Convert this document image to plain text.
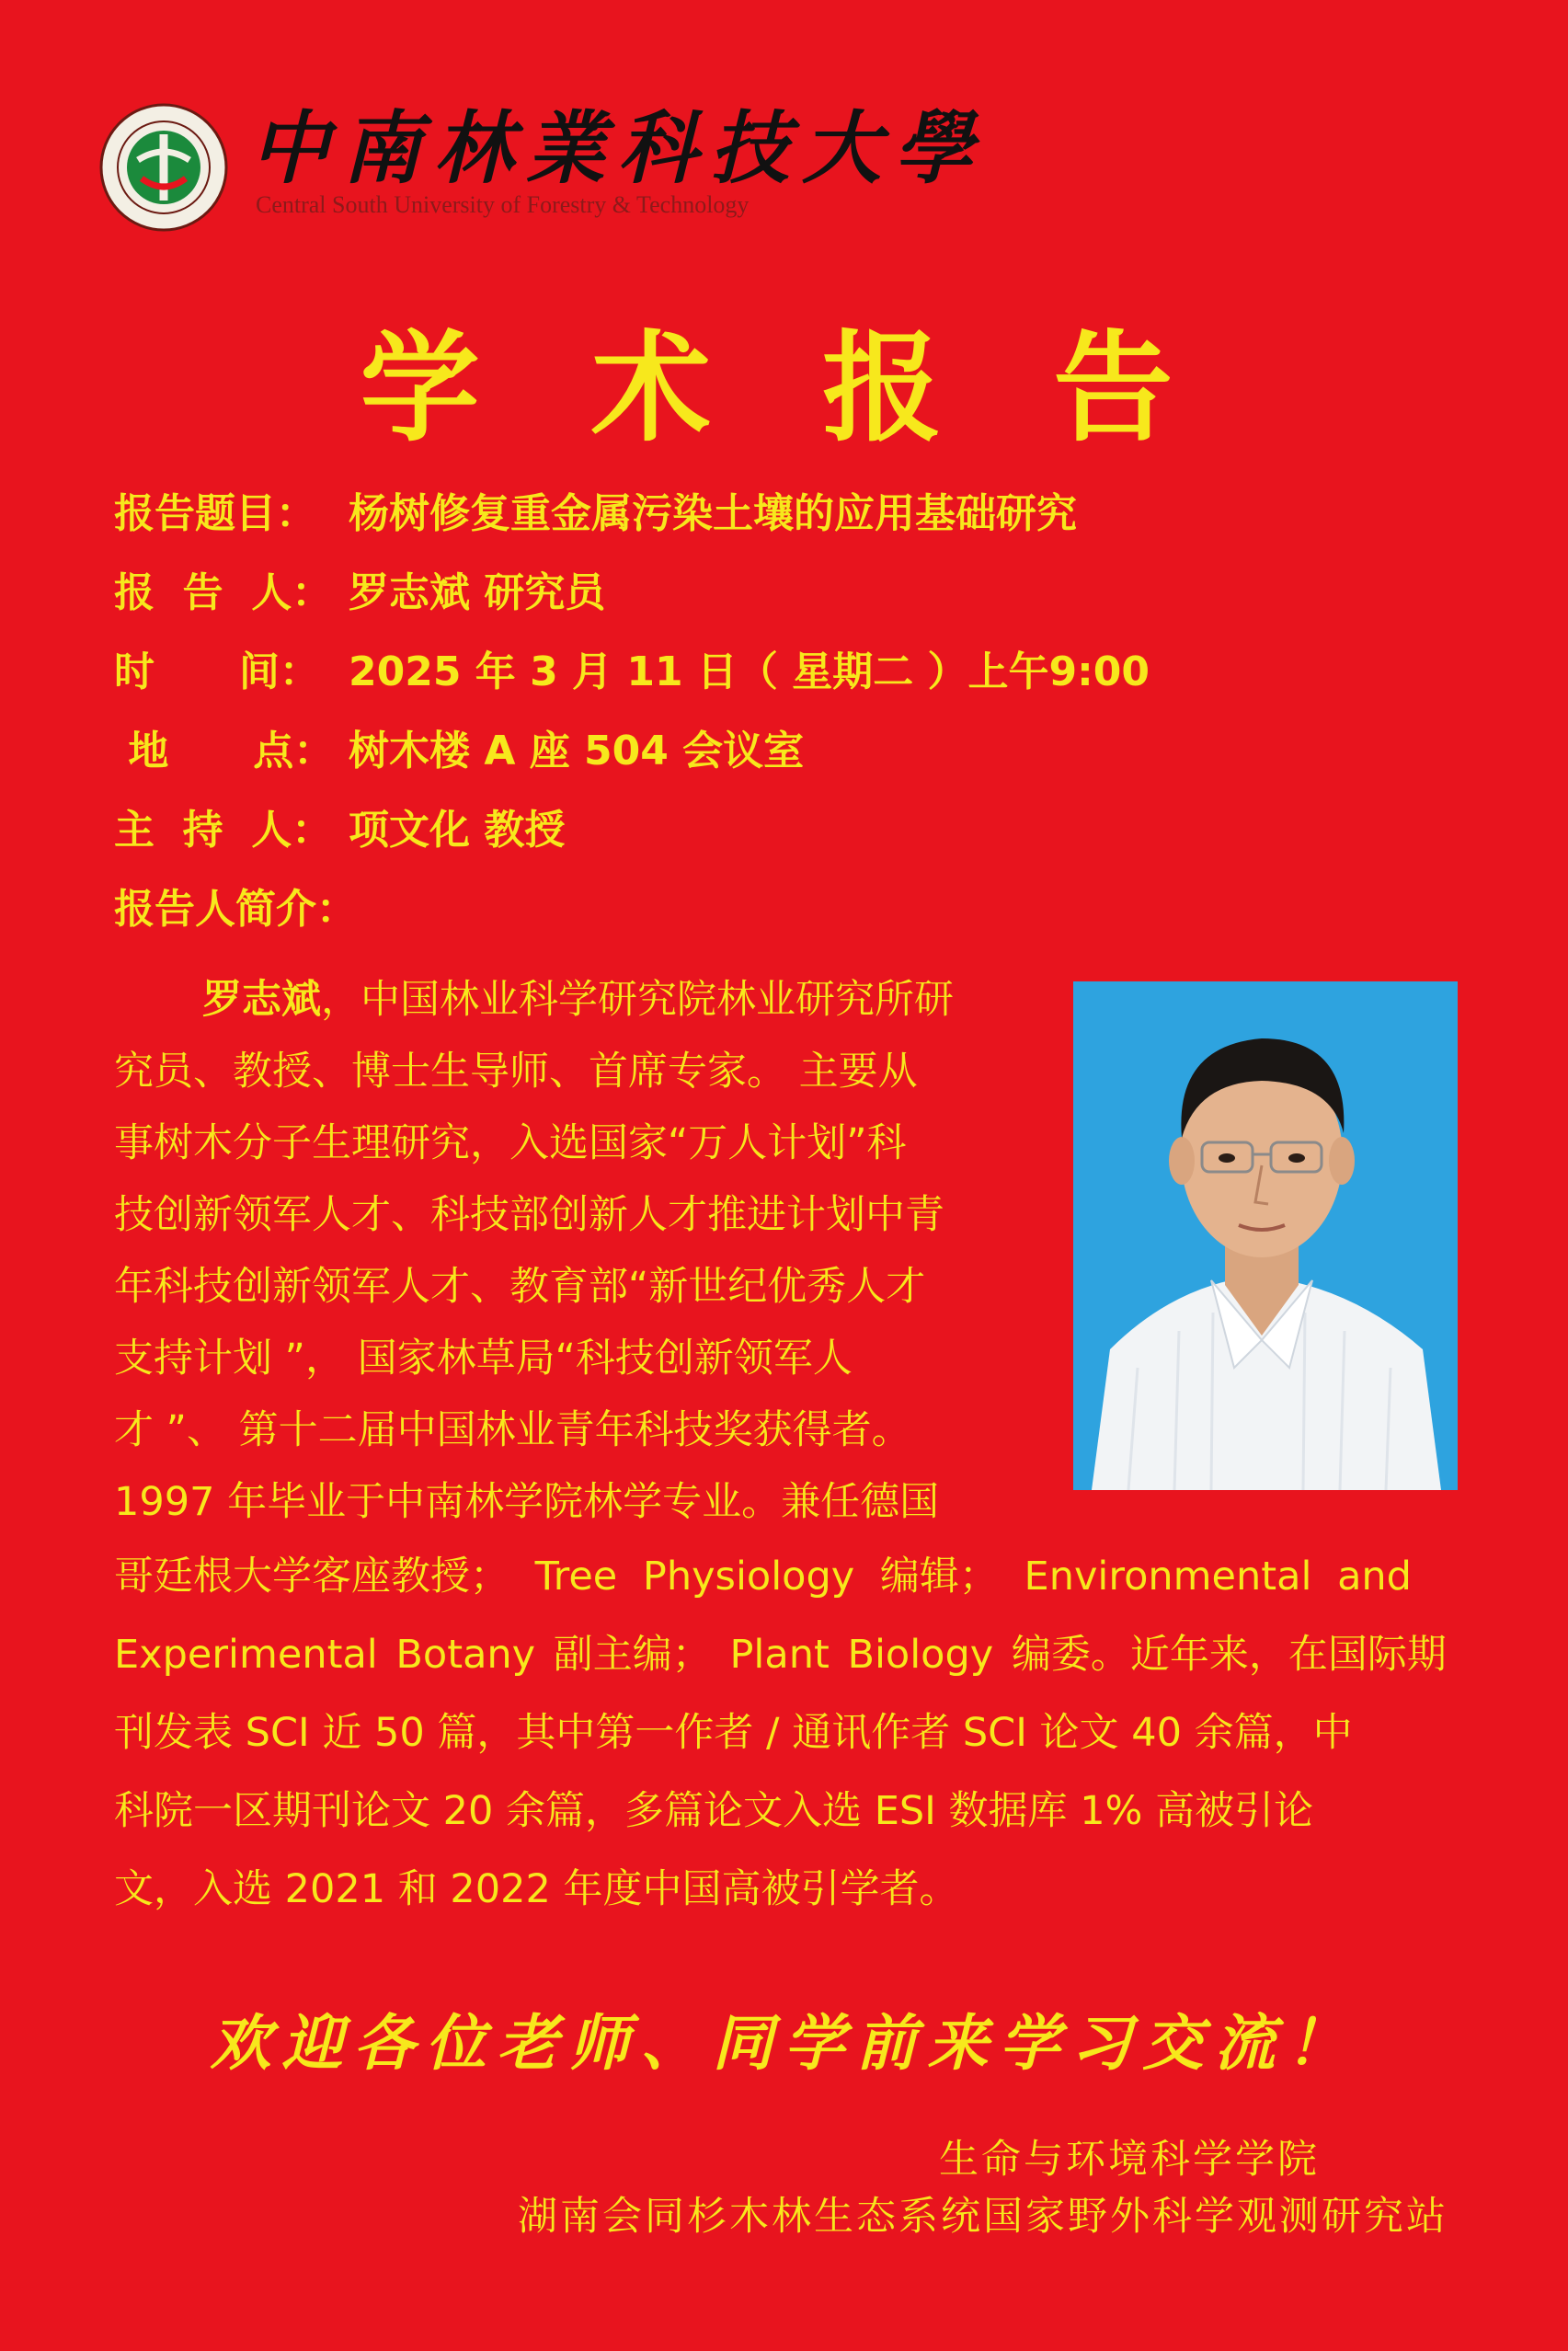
中南林業科技大學
Central South University of Forestry & Technology
学 术 报 告
报告题目： 杨树修复重金属污染土壤的应用基础研究
报  告  人： 罗志斌 研究员
时      间： 2025 年 3 月 11 日（ 星期二 ）上午9:00
地      点： 树木楼 A 座 504 会议室
主  持  人： 项文化 教授
报告人简介：
罗志斌，中国林业科学研究院林业研究所研
究员、教授、博士生导师、首席专家。 主要从
事树木分子生理研究，入选国家“万人计划”科
技创新领军人才、科技部创新人才推进计划中青
年科技创新领军人才、教育部“新世纪优秀人才
支持计划 ”， 国家林草局“科技创新领军人
才 ”、 第十二届中国林业青年科技奖获得者。
1997 年毕业于中南林学院林学专业。兼任德国
哥廷根大学客座教授； Tree Physiology 编辑； Environmental and
Experimental Botany 副主编； Plant Biology 编委。近年来，在国际期
刊发表 SCI 近 50 篇，其中第一作者 / 通讯作者 SCI 论文 40 余篇，中
科院一区期刊论文 20 余篇，多篇论文入选 ESI 数据库 1% 高被引论
文，入选 2021 和 2022 年度中国高被引学者。
欢迎各位老师、同学前来学习交流！
生命与环境科学学院
湖南会同杉木林生态系统国家野外科学观测研究站
